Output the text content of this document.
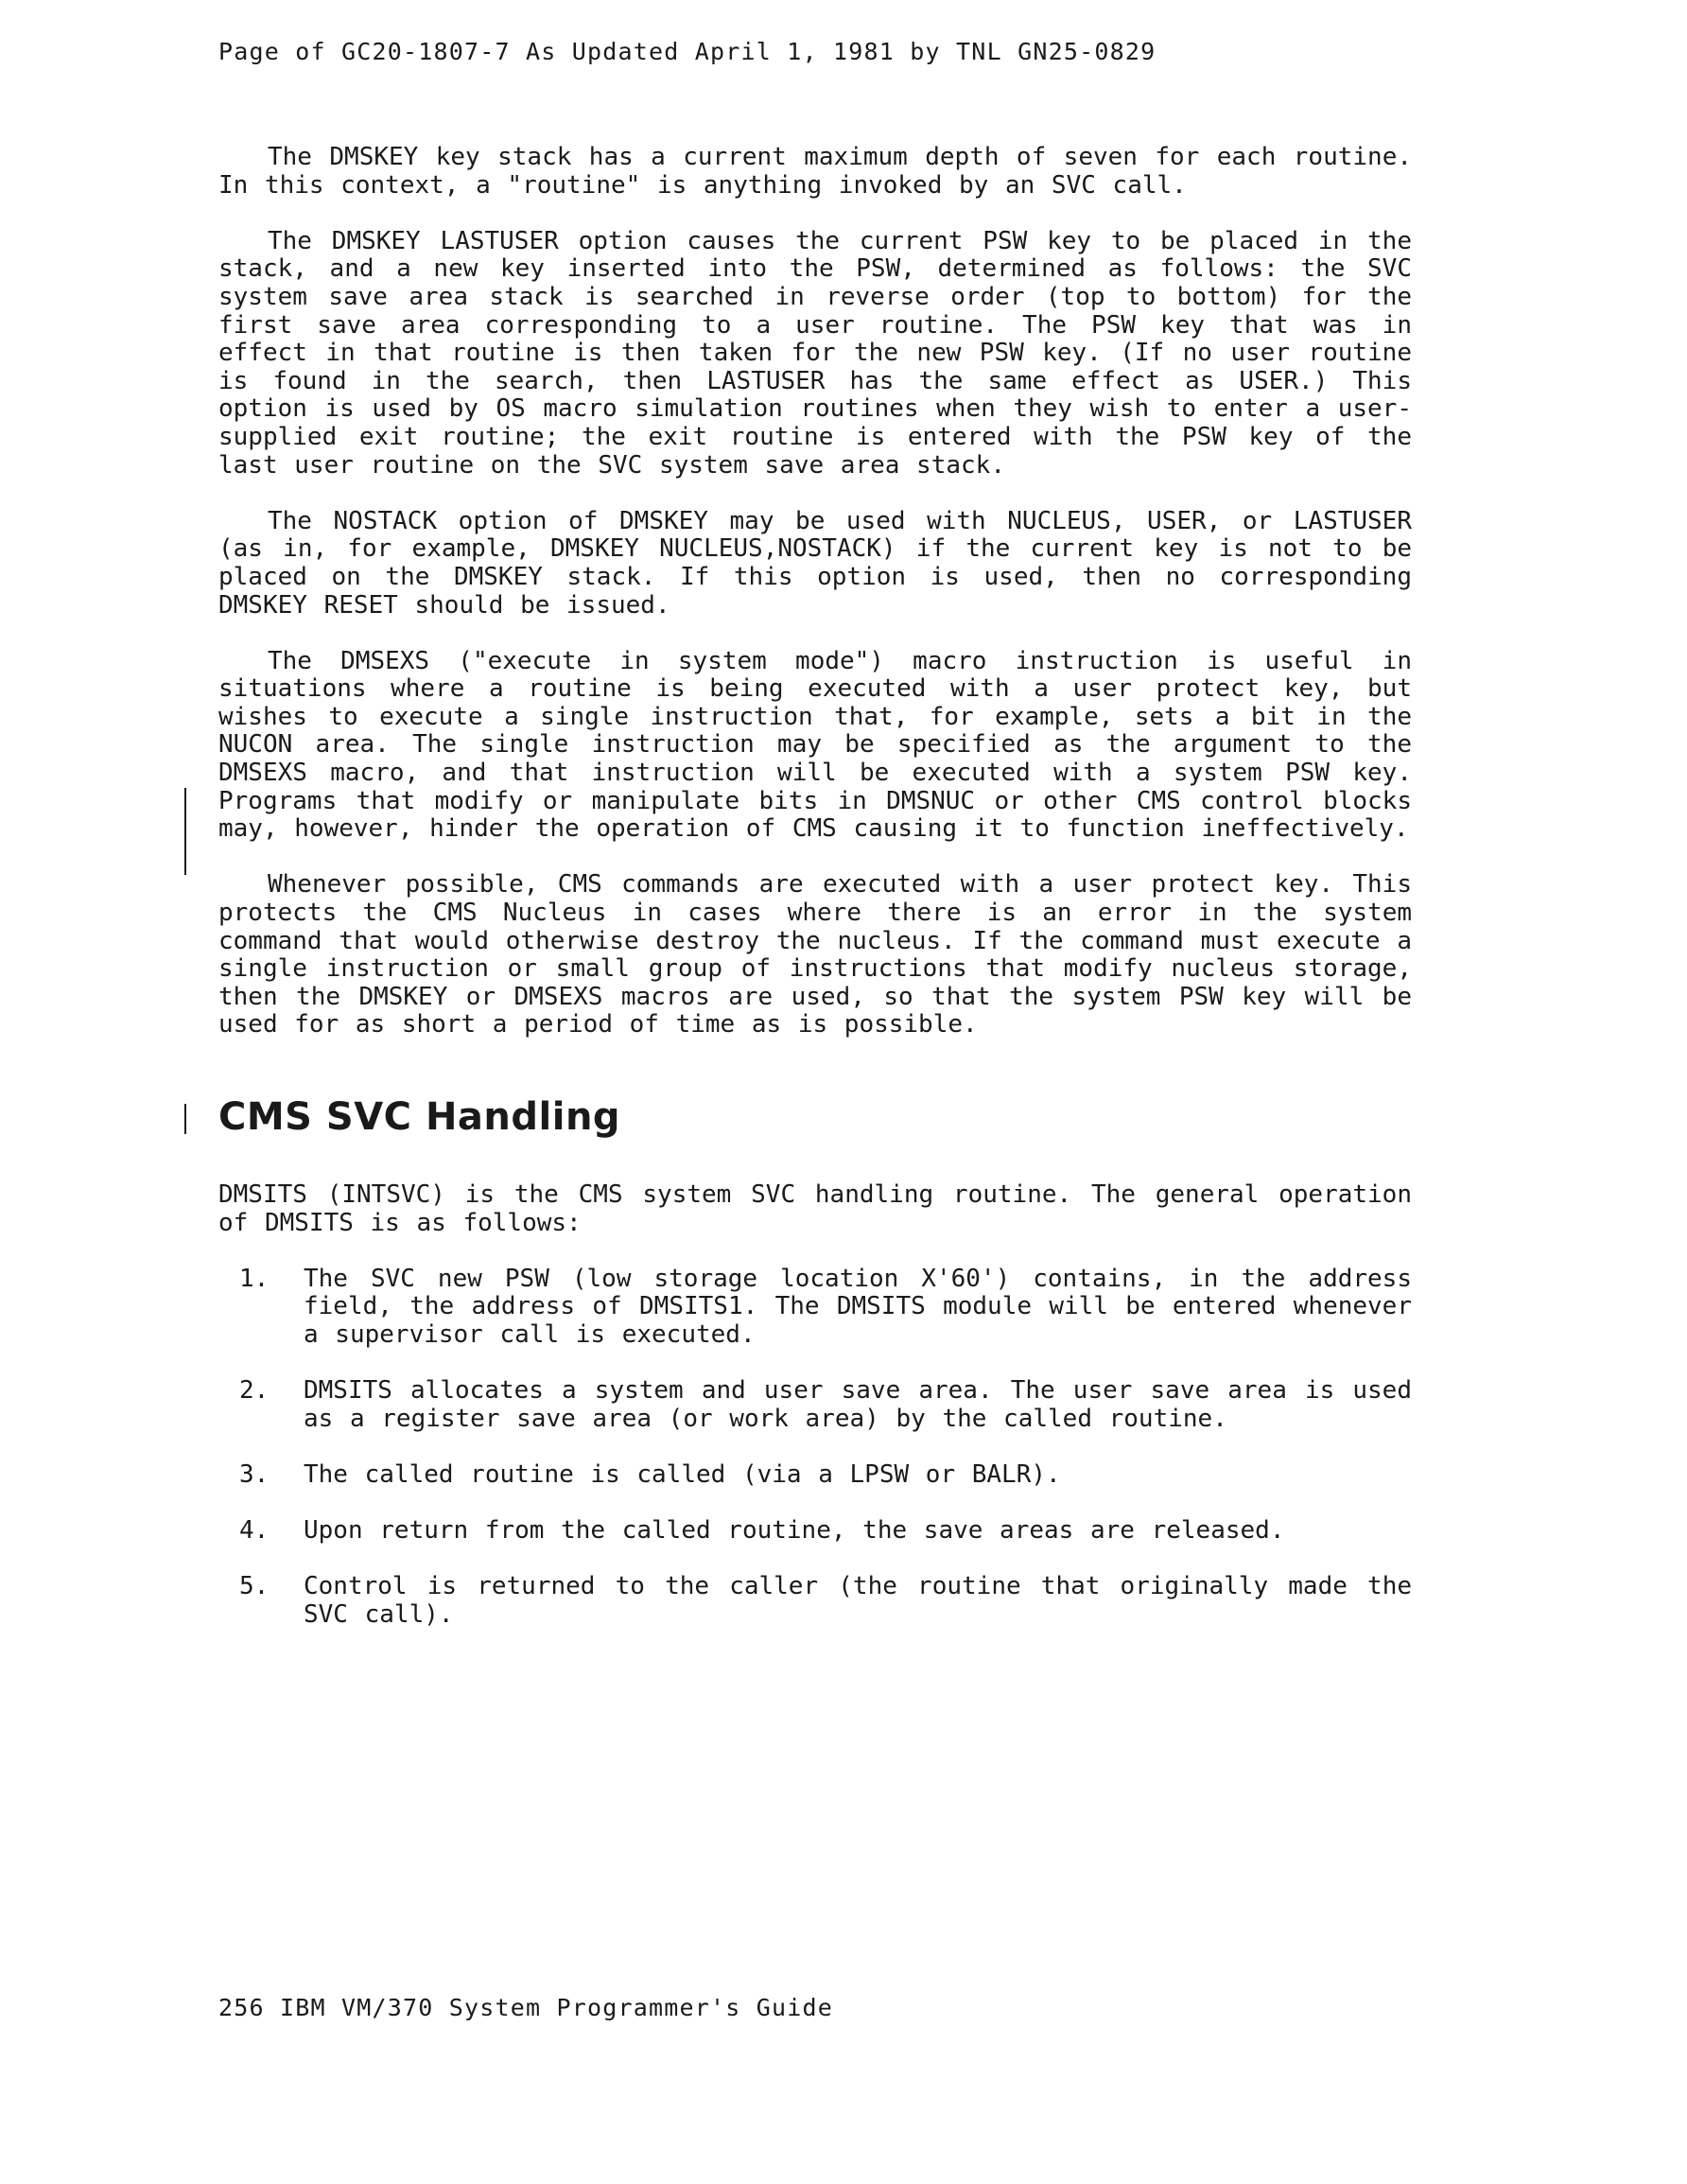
Page of GC20-1807-7 As Updated April 1, 1981 by TNL GN25-0829

The DMSKEY key stack has a current maximum depth of seven for each routine. In this context, a "routine" is anything invoked by an SVC call.

The DMSKEY LASTUSER option causes the current PSW key to be placed in the stack, and a new key inserted into the PSW, determined as follows: the SVC system save area stack is searched in reverse order (top to bottom) for the first save area corresponding to a user routine. The PSW key that was in effect in that routine is then taken for the new PSW key. (If no user routine is found in the search, then LASTUSER has the same effect as USER.) This option is used by OS macro simulation routines when they wish to enter a user-supplied exit routine; the exit routine is entered with the PSW key of the last user routine on the SVC system save area stack.

The NOSTACK option of DMSKEY may be used with NUCLEUS, USER, or LASTUSER (as in, for example, DMSKEY NUCLEUS,NOSTACK) if the current key is not to be placed on the DMSKEY stack. If this option is used, then no corresponding DMSKEY RESET should be issued.

The DMSEXS ("execute in system mode") macro instruction is useful in situations where a routine is being executed with a user protect key, but wishes to execute a single instruction that, for example, sets a bit in the NUCON area. The single instruction may be specified as the argument to the DMSEXS macro, and that instruction will be executed with a system PSW key. Programs that modify or manipulate bits in DMSNUC or other CMS control blocks may, however, hinder the operation of CMS causing it to function ineffectively.

Whenever possible, CMS commands are executed with a user protect key. This protects the CMS Nucleus in cases where there is an error in the system command that would otherwise destroy the nucleus. If the command must execute a single instruction or small group of instructions that modify nucleus storage, then the DMSKEY or DMSEXS macros are used, so that the system PSW key will be used for as short a period of time as is possible.

CMS SVC Handling

DMSITS (INTSVC) is the CMS system SVC handling routine. The general operation of DMSITS is as follows:

1. The SVC new PSW (low storage location X'60') contains, in the address field, the address of DMSITS1. The DMSITS module will be entered whenever a supervisor call is executed.
2. DMSITS allocates a system and user save area. The user save area is used as a register save area (or work area) by the called routine.
3. The called routine is called (via a LPSW or BALR).
4. Upon return from the called routine, the save areas are released.
5. Control is returned to the caller (the routine that originally made the SVC call).
256 IBM VM/370 System Programmer's Guide
